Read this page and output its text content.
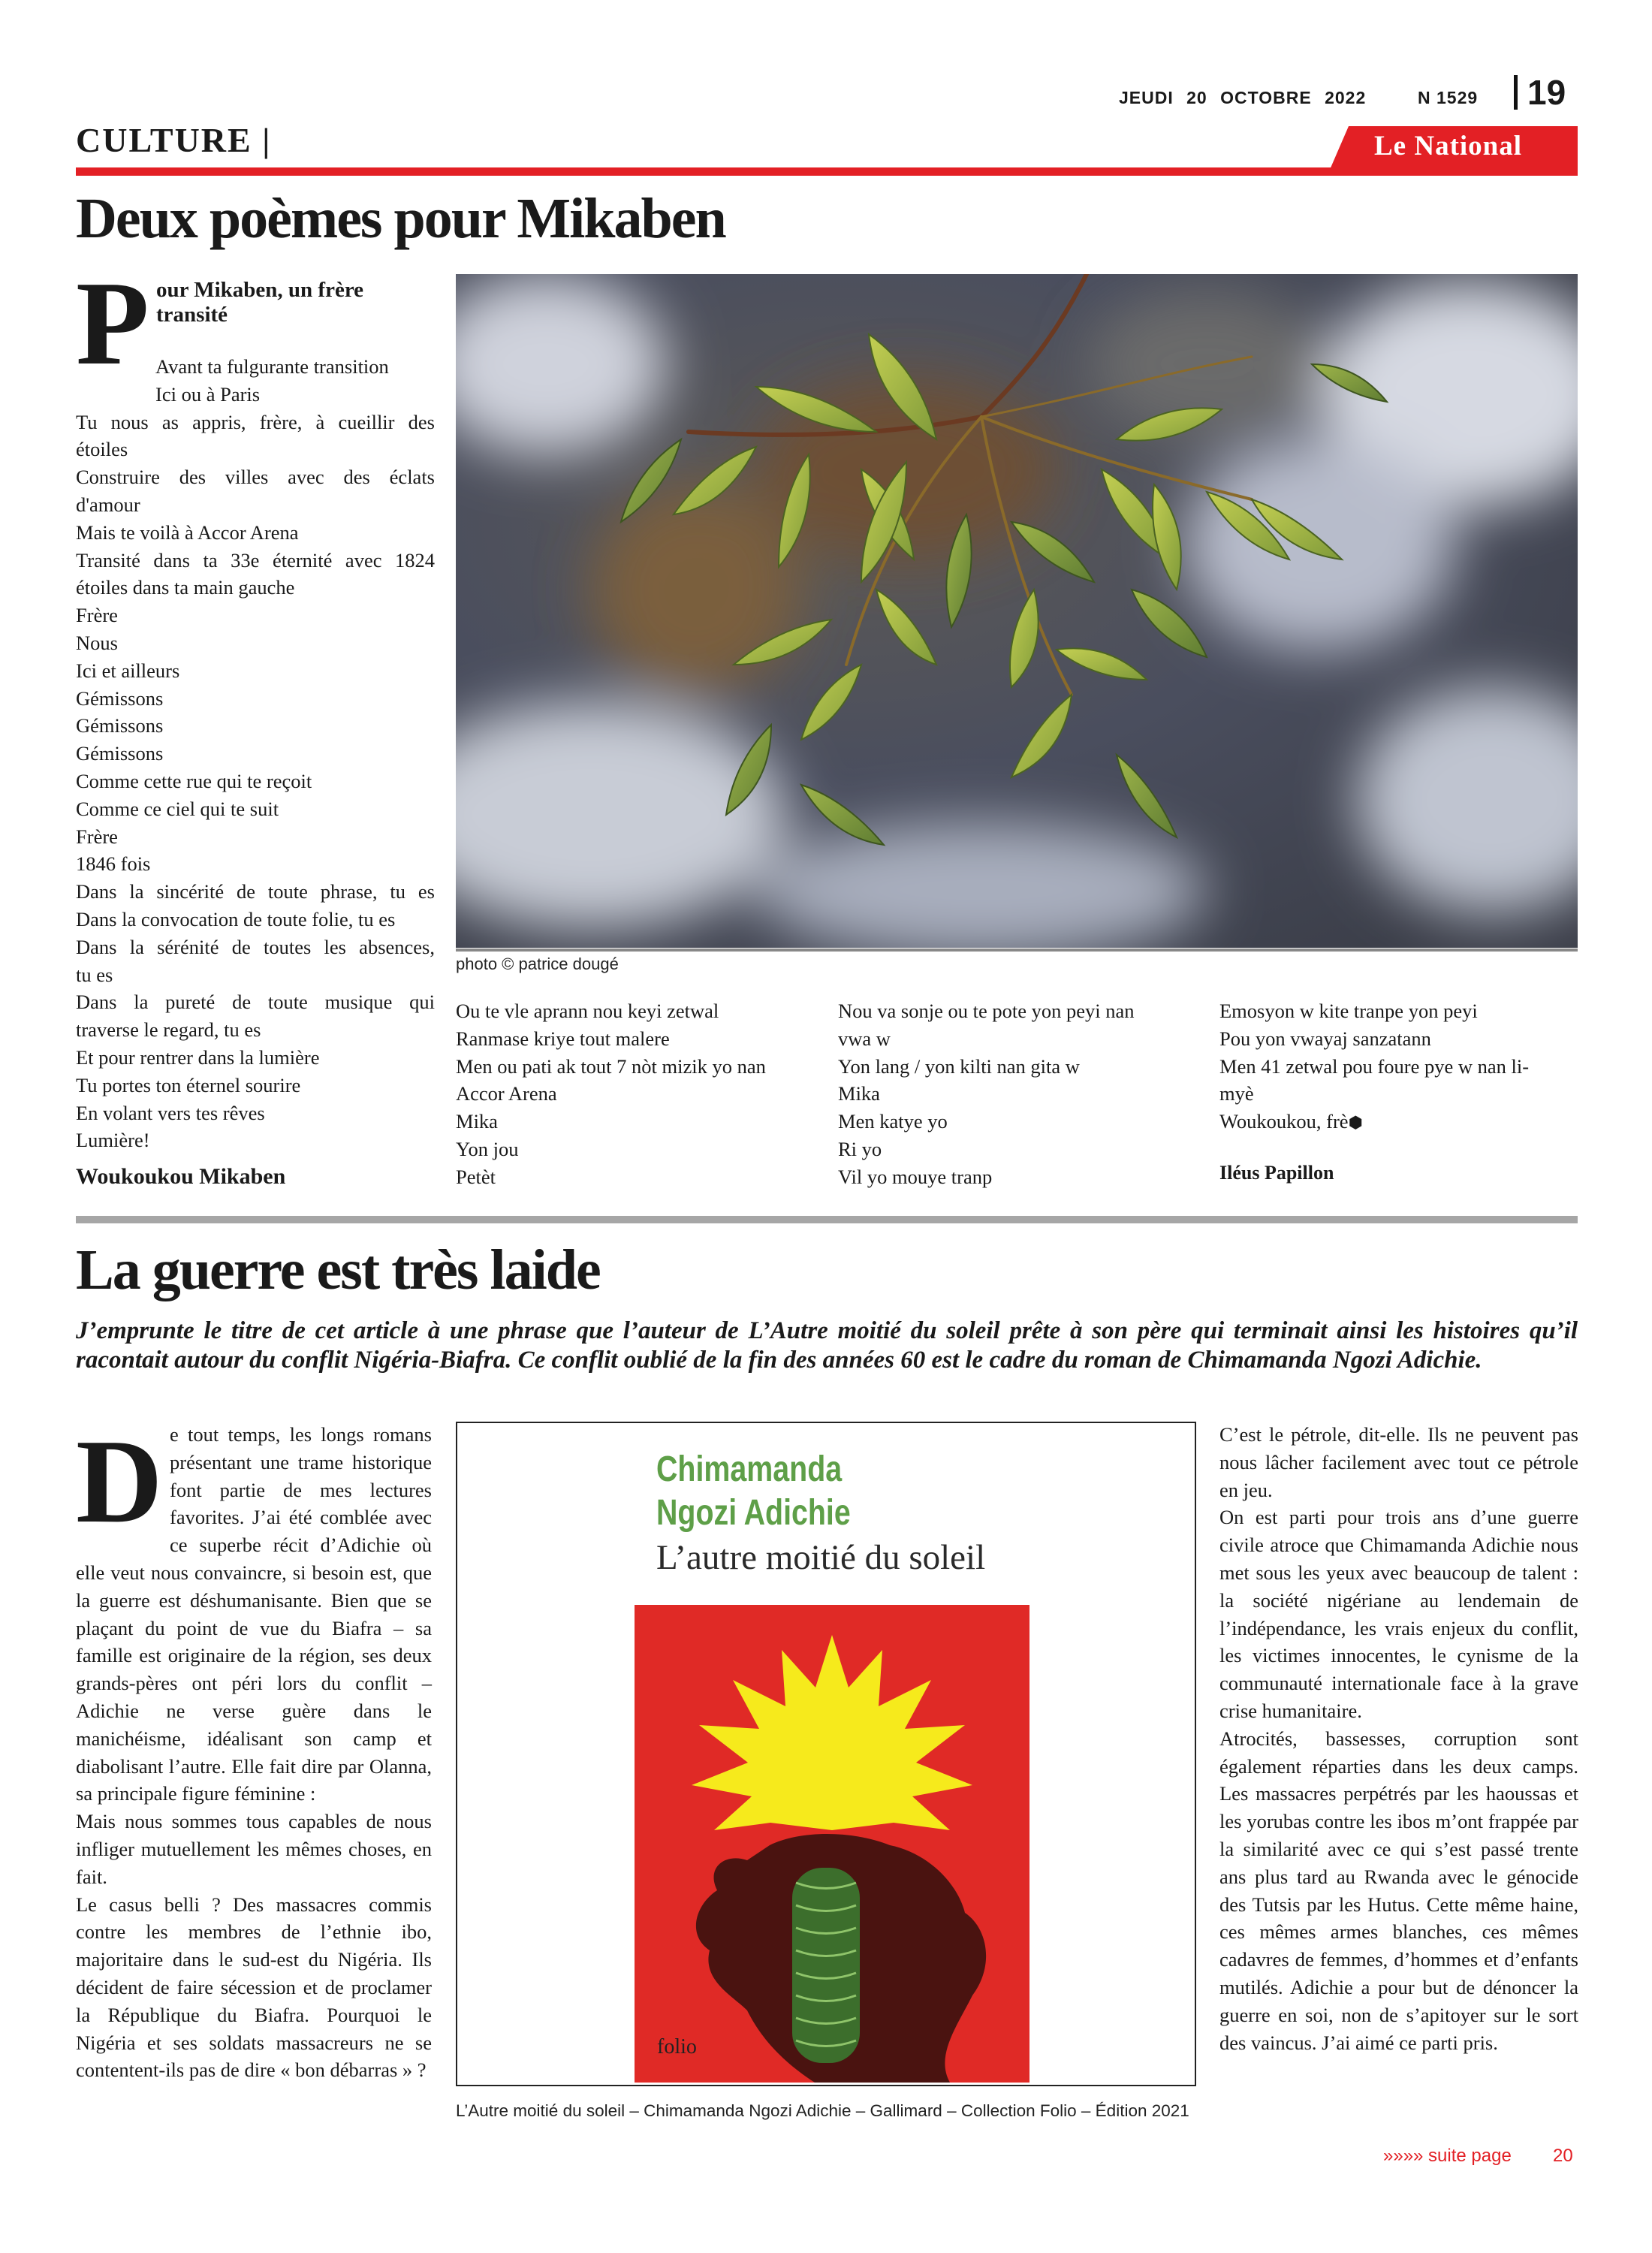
JEUDI 20 OCTOBRE 2022	N 1529 19
CULTURE |	Le National
Deux poèmes pour Mikaben
P our Mikaben, un frère transité
Avant ta fulgurante transition
Ici ou à Paris
Tu nous as appris, frère, à cueillir des
étoiles
Construire des villes avec des éclats
d'amour
Mais te voilà à Accor Arena
Transité dans ta 33e éternité avec 1824
étoiles dans ta main gauche
Frère
Nous
Ici et ailleurs
Gémissons
Gémissons
Gémissons
Comme cette rue qui te reçoit
Comme ce ciel qui te suit
Frère
1846 fois
Dans la sincérité de toute phrase, tu es
Dans la convocation de toute folie, tu es
Dans la sérénité de toutes les absences,
tu es
Dans la pureté de toute musique qui
traverse le regard, tu es
Et pour rentrer dans la lumière
Tu portes ton éternel sourire
En volant vers tes rêves
Lumière!
Woukoukou Mikaben
photo © patrice dougé
Ou te vle aprann nou keyi zetwal
Ranmase kriye tout malere
Men ou pati ak tout 7 nòt mizik yo nan
Accor Arena
Mika
Yon jou
Petèt
Nou va sonje ou te pote yon peyi nan
vwa w
Yon lang / yon kilti nan gita w
Mika
Men katye yo
Ri yo
Vil yo mouye tranp
Emosyon w kite tranpe yon peyi
Pou yon vwayaj sanzatann
Men 41 zetwal pou foure pye w nan li-
myè
Woukoukou, frè⬢
Iléus Papillon
La guerre est très laide
J’emprunte le titre de cet article à une phrase que l’auteur de L’Autre moitié du soleil prête à son père qui terminait ainsi les histoires qu’il racontait autour du conflit Nigéria-Biafra. Ce conflit oublié de la fin des années 60 est le cadre du roman de Chimamanda Ngozi Adichie.
D e tout temps, les longs romans présentant une trame historique font partie de mes lectures favorites. J’ai été comblée avec ce superbe récit d’Adichie où elle veut nous convaincre, si besoin est, que la guerre est déshumanisante. Bien que se plaçant du point de vue du Biafra – sa famille est originaire de la région, ses deux grands-pères ont péri lors du conflit – Adichie ne verse guère dans le manichéisme, idéalisant son camp et diabolisant l’autre. Elle fait dire par Olanna, sa principale figure féminine :
Mais nous sommes tous capables de nous infliger mutuellement les mêmes choses, en fait.
Le casus belli ? Des massacres commis contre les membres de l’ethnie ibo, majoritaire dans le sud-est du Nigéria. Ils décident de faire sécession et de proclamer la République du Biafra. Pourquoi le Nigéria et ses soldats massacreurs ne se contentent-ils pas de dire « bon débarras » ?
C’est le pétrole, dit-elle. Ils ne peuvent pas nous lâcher facilement avec tout ce pétrole en jeu.
On est parti pour trois ans d’une guerre civile atroce que Chimamanda Adichie nous met sous les yeux avec beaucoup de talent : la société nigériane au lendemain de l’indépendance, les vrais enjeux du conflit, les victimes innocentes, le cynisme de la communauté internationale face à la grave crise humanitaire.
Atrocités, bassesses, corruption sont également réparties dans les deux camps. Les massacres perpétrés par les haoussas et les yorubas contre les ibos m’ont frappée par la similarité avec ce qui s’est passé trente ans plus tard au Rwanda avec le génocide des Tutsis par les Hutus. Cette même haine, ces mêmes armes blanches, ces mêmes cadavres de femmes, d’hommes et d’enfants mutilés. Adichie a pour but de dénoncer la guerre en soi, non de s’apitoyer sur le sort des vaincus. J’ai aimé ce parti pris.
Chimamanda
Ngozi Adichie
L’autre moitié du soleil
folio
L’Autre moitié du soleil – Chimamanda Ngozi Adichie – Gallimard – Collection Folio – Édition 2021
»»»» suite page 20
